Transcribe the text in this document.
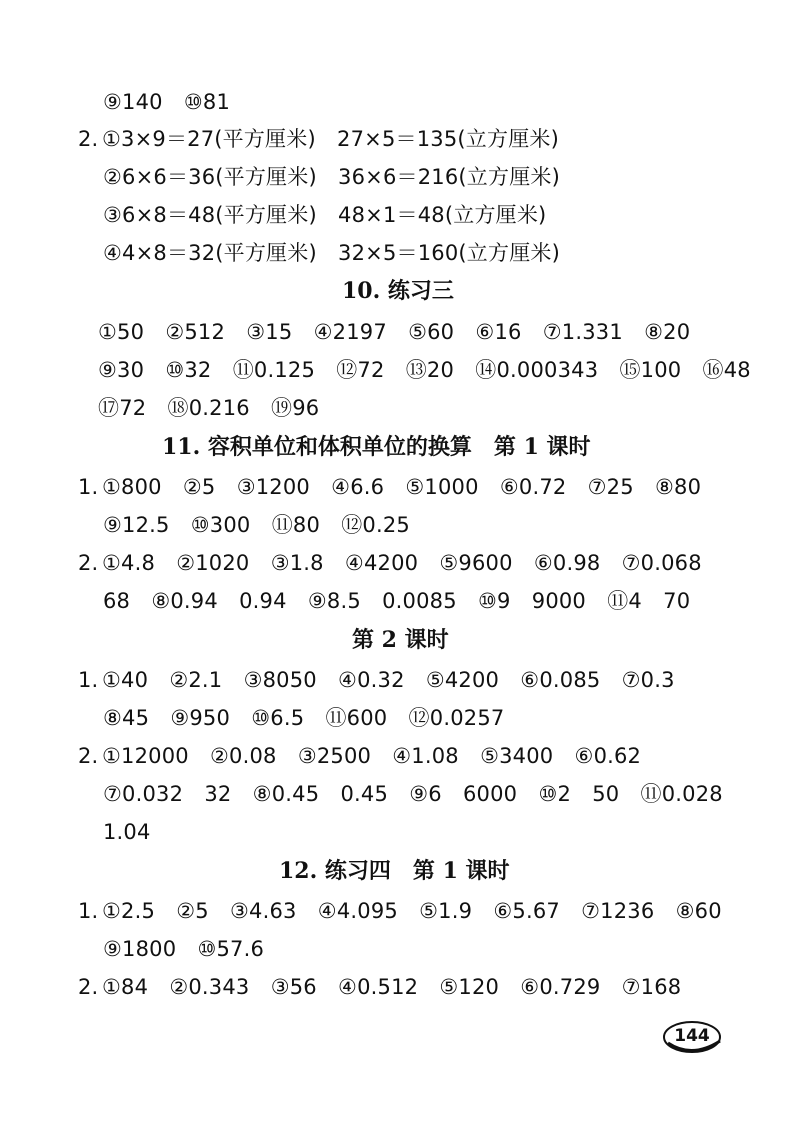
⑨140　⑩81
2. ①3×9＝27(平方厘米)　27×5＝135(立方厘米)
②6×6＝36(平方厘米)　36×6＝216(立方厘米)
③6×8＝48(平方厘米)　48×1＝48(立方厘米)
④4×8＝32(平方厘米)　32×5＝160(立方厘米)
10. 练习三
①50　②512　③15　④2197　⑤60　⑥16　⑦1.331　⑧20
⑨30　⑩32　⑪0.125　⑫72　⑬20　⑭0.000343　⑮100　⑯48
⑰72　⑱0.216　⑲96
11. 容积单位和体积单位的换算　第 1 课时
1. ①800　②5　③1200　④6.6　⑤1000　⑥0.72　⑦25　⑧80
⑨12.5　⑩300　⑪80　⑫0.25
2. ①4.8　②1020　③1.8　④4200　⑤9600　⑥0.98　⑦0.068
68　⑧0.94　0.94　⑨8.5　0.0085　⑩9　9000　⑪4　70
第 2 课时
1. ①40　②2.1　③8050　④0.32　⑤4200　⑥0.085　⑦0.3
⑧45　⑨950　⑩6.5　⑪600　⑫0.0257
2. ①12000　②0.08　③2500　④1.08　⑤3400　⑥0.62
⑦0.032　32　⑧0.45　0.45　⑨6　6000　⑩2　50　⑪0.028
1.04
12. 练习四　第 1 课时
1. ①2.5　②5　③4.63　④4.095　⑤1.9　⑥5.67　⑦1236　⑧60
⑨1800　⑩57.6
2. ①84　②0.343　③56　④0.512　⑤120　⑥0.729　⑦168
144
